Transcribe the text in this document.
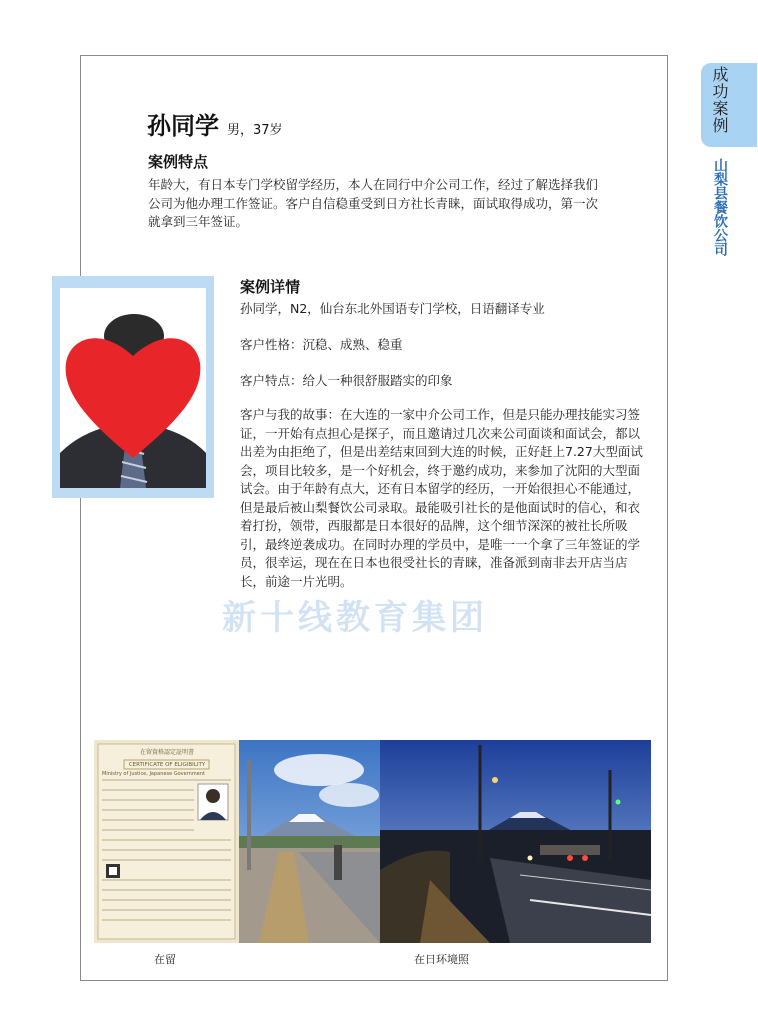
成功案例
山梨县餐饮公司
孙同学 男，37岁
案例特点
年龄大，有日本专门学校留学经历，本人在同行中介公司工作，经过了解选择我们公司为他办理工作签证。客户自信稳重受到日方社长青睐，面试取得成功，第一次就拿到三年签证。
案例详情
孙同学，N2，仙台东北外国语专门学校，日语翻译专业
客户性格：沉稳、成熟、稳重
客户特点：给人一种很舒服踏实的印象
客户与我的故事：在大连的一家中介公司工作，但是只能办理技能实习签证，一开始有点担心是探子，而且邀请过几次来公司面谈和面试会，都以出差为由拒绝了，但是出差结束回到大连的时候，正好赶上7.27大型面试会，项目比较多，是一个好机会，终于邀约成功，来参加了沈阳的大型面试会。由于年龄有点大，还有日本留学的经历，一开始很担心不能通过，但是最后被山梨餐饮公司录取。最能吸引社长的是他面试时的信心，和衣着打扮，领带，西服都是日本很好的品牌，这个细节深深的被社长所吸引，最终逆袭成功。在同时办理的学员中，是唯一一个拿了三年签证的学员，很幸运，现在在日本也很受社长的青睐，准备派到南非去开店当店长，前途一片光明。
新十线教育集团
在留資格認定証明書
CERTIFICATE OF ELIGIBILITY
Ministry of Justice, Japanese Government
在留	在日环境照
